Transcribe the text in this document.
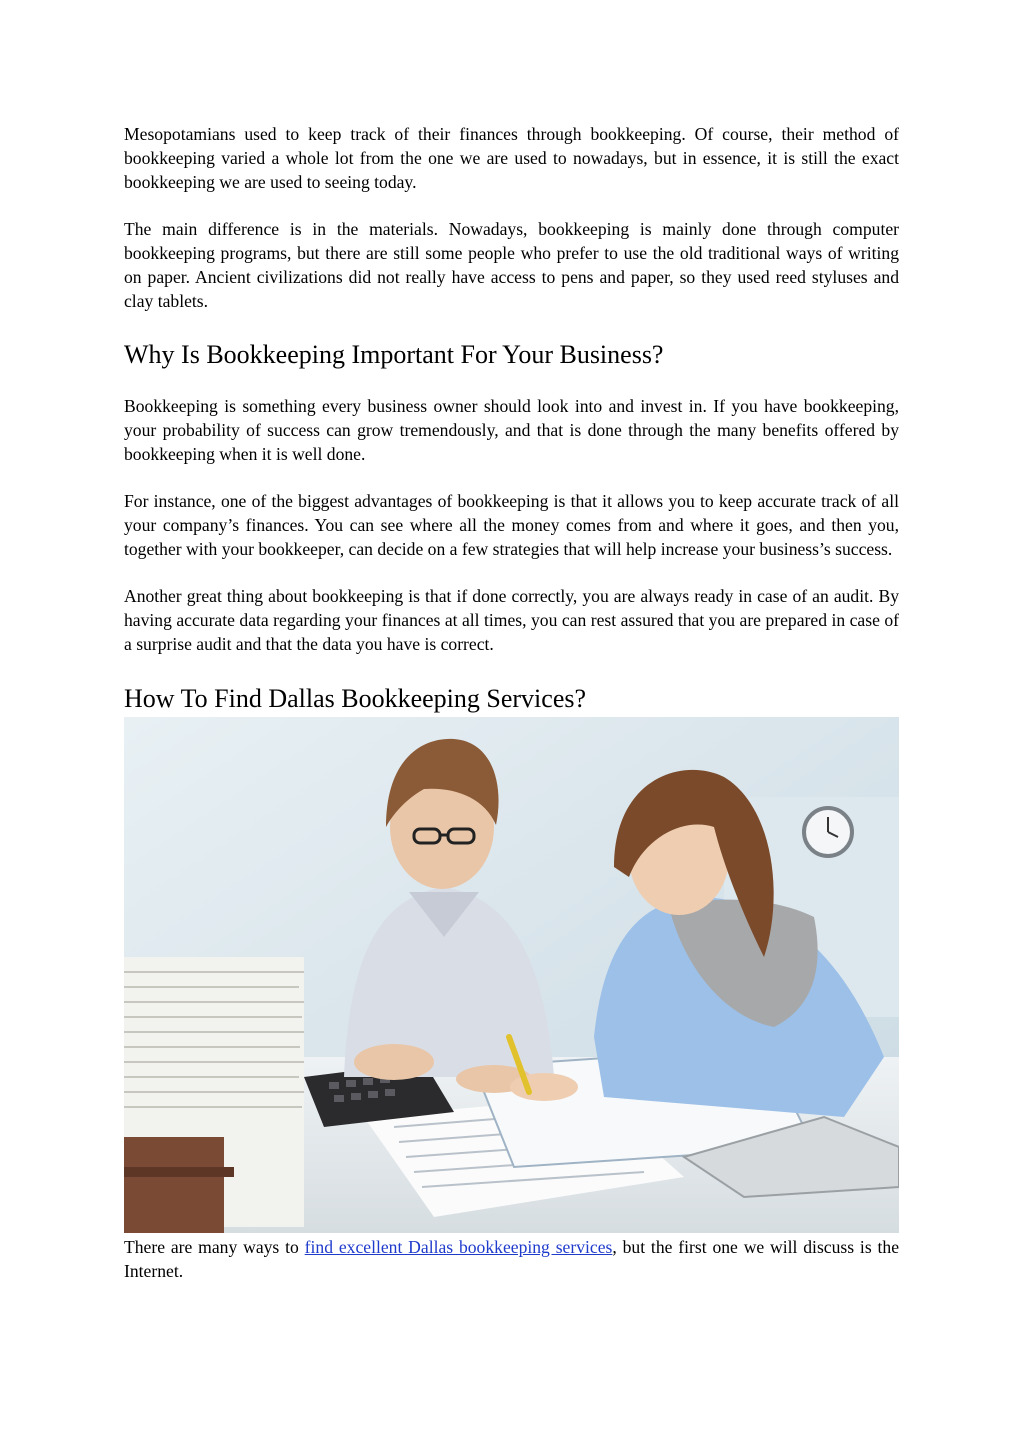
Mesopotamians used to keep track of their finances through bookkeeping. Of course, their method of bookkeeping varied a whole lot from the one we are used to nowadays, but in essence, it is still the exact bookkeeping we are used to seeing today.

The main difference is in the materials. Nowadays, bookkeeping is mainly done through computer bookkeeping programs, but there are still some people who prefer to use the old traditional ways of writing on paper. Ancient civilizations did not really have access to pens and paper, so they used reed styluses and clay tablets.

Why Is Bookkeeping Important For Your Business?

Bookkeeping is something every business owner should look into and invest in. If you have bookkeeping, your probability of success can grow tremendously, and that is done through the many benefits offered by bookkeeping when it is well done.

For instance, one of the biggest advantages of bookkeeping is that it allows you to keep accurate track of all your company’s finances. You can see where all the money comes from and where it goes, and then you, together with your bookkeeper, can decide on a few strategies that will help increase your business’s success.

Another great thing about bookkeeping is that if done correctly, you are always ready in case of an audit. By having accurate data regarding your finances at all times, you can rest assured that you are prepared in case of a surprise audit and that the data you have is correct.

How To Find Dallas Bookkeeping Services?

There are many ways to find excellent Dallas bookkeeping services, but the first one we will discuss is the Internet.
